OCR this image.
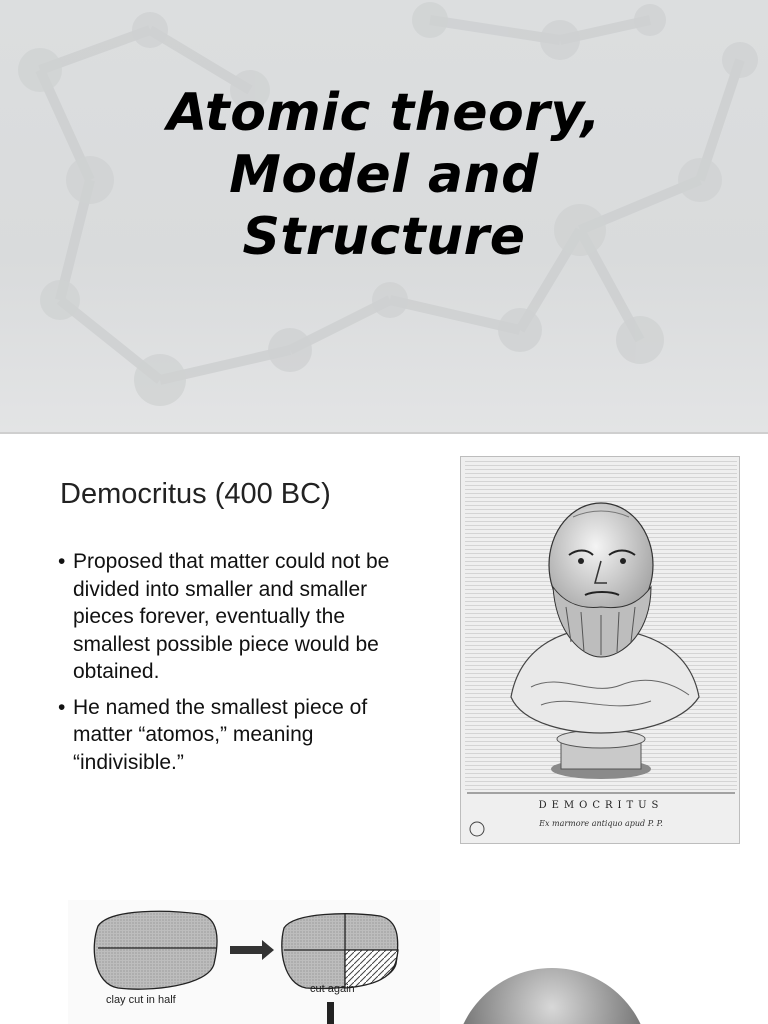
Atomic theory,
Model and
Structure
Democritus (400 BC)
• Proposed that matter could not be divided into smaller and smaller pieces forever, eventually the smallest possible piece would be obtained.
• He named the smallest piece of matter “atomos,” meaning “indivisible.”
DEMOCRITUS
Ex marmore antiquo apud P. P.
clay cut in half
cut again
